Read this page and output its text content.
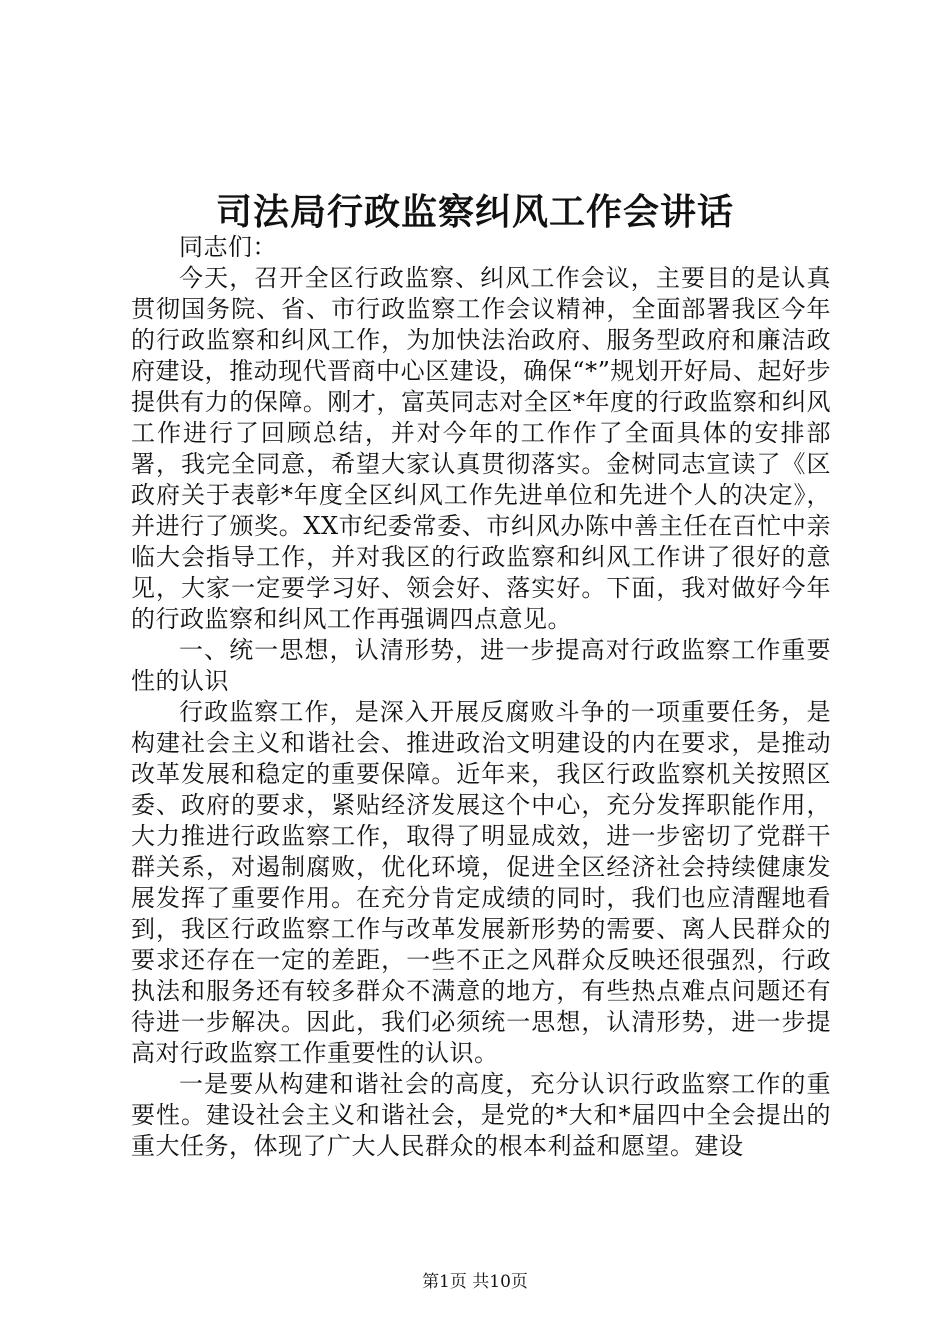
司法局行政监察纠风工作会讲话

同志们：

今天，召开全区行政监察、纠风工作会议，主要目的是认真贯彻国务院、省、市行政监察工作会议精神，全面部署我区今年的行政监察和纠风工作，为加快法治政府、服务型政府和廉洁政府建设，推动现代晋商中心区建设，确保“*”规划开好局、起好步提供有力的保障。刚才，富英同志对全区*年度的行政监察和纠风工作进行了回顾总结，并对今年的工作作了全面具体的安排部署，我完全同意，希望大家认真贯彻落实。金树同志宣读了《区政府关于表彰*年度全区纠风工作先进单位和先进个人的决定》，并进行了颁奖。XX市纪委常委、市纠风办陈中善主任在百忙中亲临大会指导工作，并对我区的行政监察和纠风工作讲了很好的意见，大家一定要学习好、领会好、落实好。下面，我对做好今年的行政监察和纠风工作再强调四点意见。

一、统一思想，认清形势，进一步提高对行政监察工作重要性的认识

行政监察工作，是深入开展反腐败斗争的一项重要任务，是构建社会主义和谐社会、推进政治文明建设的内在要求，是推动改革发展和稳定的重要保障。近年来，我区行政监察机关按照区委、政府的要求，紧贴经济发展这个中心，充分发挥职能作用，大力推进行政监察工作，取得了明显成效，进一步密切了党群干群关系，对遏制腐败，优化环境，促进全区经济社会持续健康发展发挥了重要作用。在充分肯定成绩的同时，我们也应清醒地看到，我区行政监察工作与改革发展新形势的需要、离人民群众的要求还存在一定的差距，一些不正之风群众反映还很强烈，行政执法和服务还有较多群众不满意的地方，有些热点难点问题还有待进一步解决。因此，我们必须统一思想，认清形势，进一步提高对行政监察工作重要性的认识。

一是要从构建和谐社会的高度，充分认识行政监察工作的重要性。建设社会主义和谐社会，是党的*大和*届四中全会提出的重大任务，体现了广大人民群众的根本利益和愿望。建设

第1页 共10页
